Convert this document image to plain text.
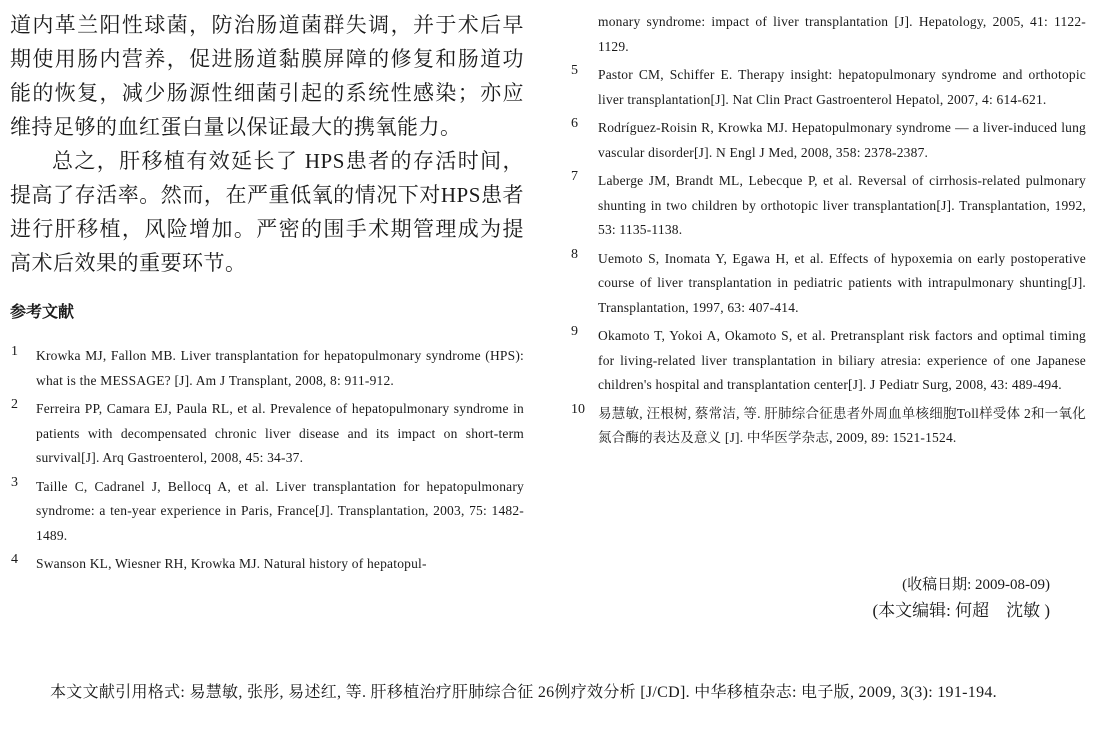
道内革兰阳性球菌，防治肠道菌群失调，并于术后早期使用肠内营养，促进肠道黏膜屏障的修复和肠道功能的恢复，减少肠源性细菌引起的系统性感染；亦应维持足够的血红蛋白量以保证最大的携氧能力。

总之，肝移植有效延长了 HPS患者的存活时间，提高了存活率。然而，在严重低氧的情况下对HPS患者进行肝移植，风险增加。严密的围手术期管理成为提高术后效果的重要环节。

参考文献
1 Krowka MJ, Fallon MB. Liver transplantation for hepatopulmonary syndrome (HPS): what is the MESSAGE? [J]. Am J Transplant, 2008, 8: 911-912.
2 Ferreira PP, Camara EJ, Paula RL, et al. Prevalence of hepatopulmonary syndrome in patients with decompensated chronic liver disease and its impact on short-term survival[J]. Arq Gastroenterol, 2008, 45: 34-37.
3 Taille C, Cadranel J, Bellocq A, et al. Liver transplantation for hepatopulmonary syndrome: a ten-year experience in Paris, France[J]. Transplantation, 2003, 75: 1482-1489.
4 Swanson KL, Wiesner RH, Krowka MJ. Natural history of hepatopul-
monary syndrome: impact of liver transplantation [J]. Hepatology, 2005, 41: 1122-1129.
5 Pastor CM, Schiffer E. Therapy insight: hepatopulmonary syndrome and orthotopic liver transplantation[J]. Nat Clin Pract Gastroenterol Hepatol, 2007, 4: 614-621.
6 Rodríguez-Roisin R, Krowka MJ. Hepatopulmonary syndrome — a liver-induced lung vascular disorder[J]. N Engl J Med, 2008, 358: 2378-2387.
7 Laberge JM, Brandt ML, Lebecque P, et al. Reversal of cirrhosis-related pulmonary shunting in two children by orthotopic liver transplantation[J]. Transplantation, 1992, 53: 1135-1138.
8 Uemoto S, Inomata Y, Egawa H, et al. Effects of hypoxemia on early postoperative course of liver transplantation in pediatric patients with intrapulmonary shunting[J]. Transplantation, 1997, 63: 407-414.
9 Okamoto T, Yokoi A, Okamoto S, et al. Pretransplant risk factors and optimal timing for living-related liver transplantation in biliary atresia: experience of one Japanese children's hospital and transplantation center[J]. J Pediatr Surg, 2008, 43: 489-494.
10 易慧敏, 汪根树, 蔡常洁, 等. 肝肺综合征患者外周血单核细胞Toll样受体 2和一氧化氮合酶的表达及意义 [J]. 中华医学杂志, 2009, 89: 1521-1524.
(收稿日期: 2009-08-09)
(本文编辑: 何超　沈敏 )
本文文献引用格式: 易慧敏, 张彤, 易述红, 等. 肝移植治疗肝肺综合征 26例疗效分析 [J/CD]. 中华移植杂志: 电子版, 2009, 3(3): 191-194.
